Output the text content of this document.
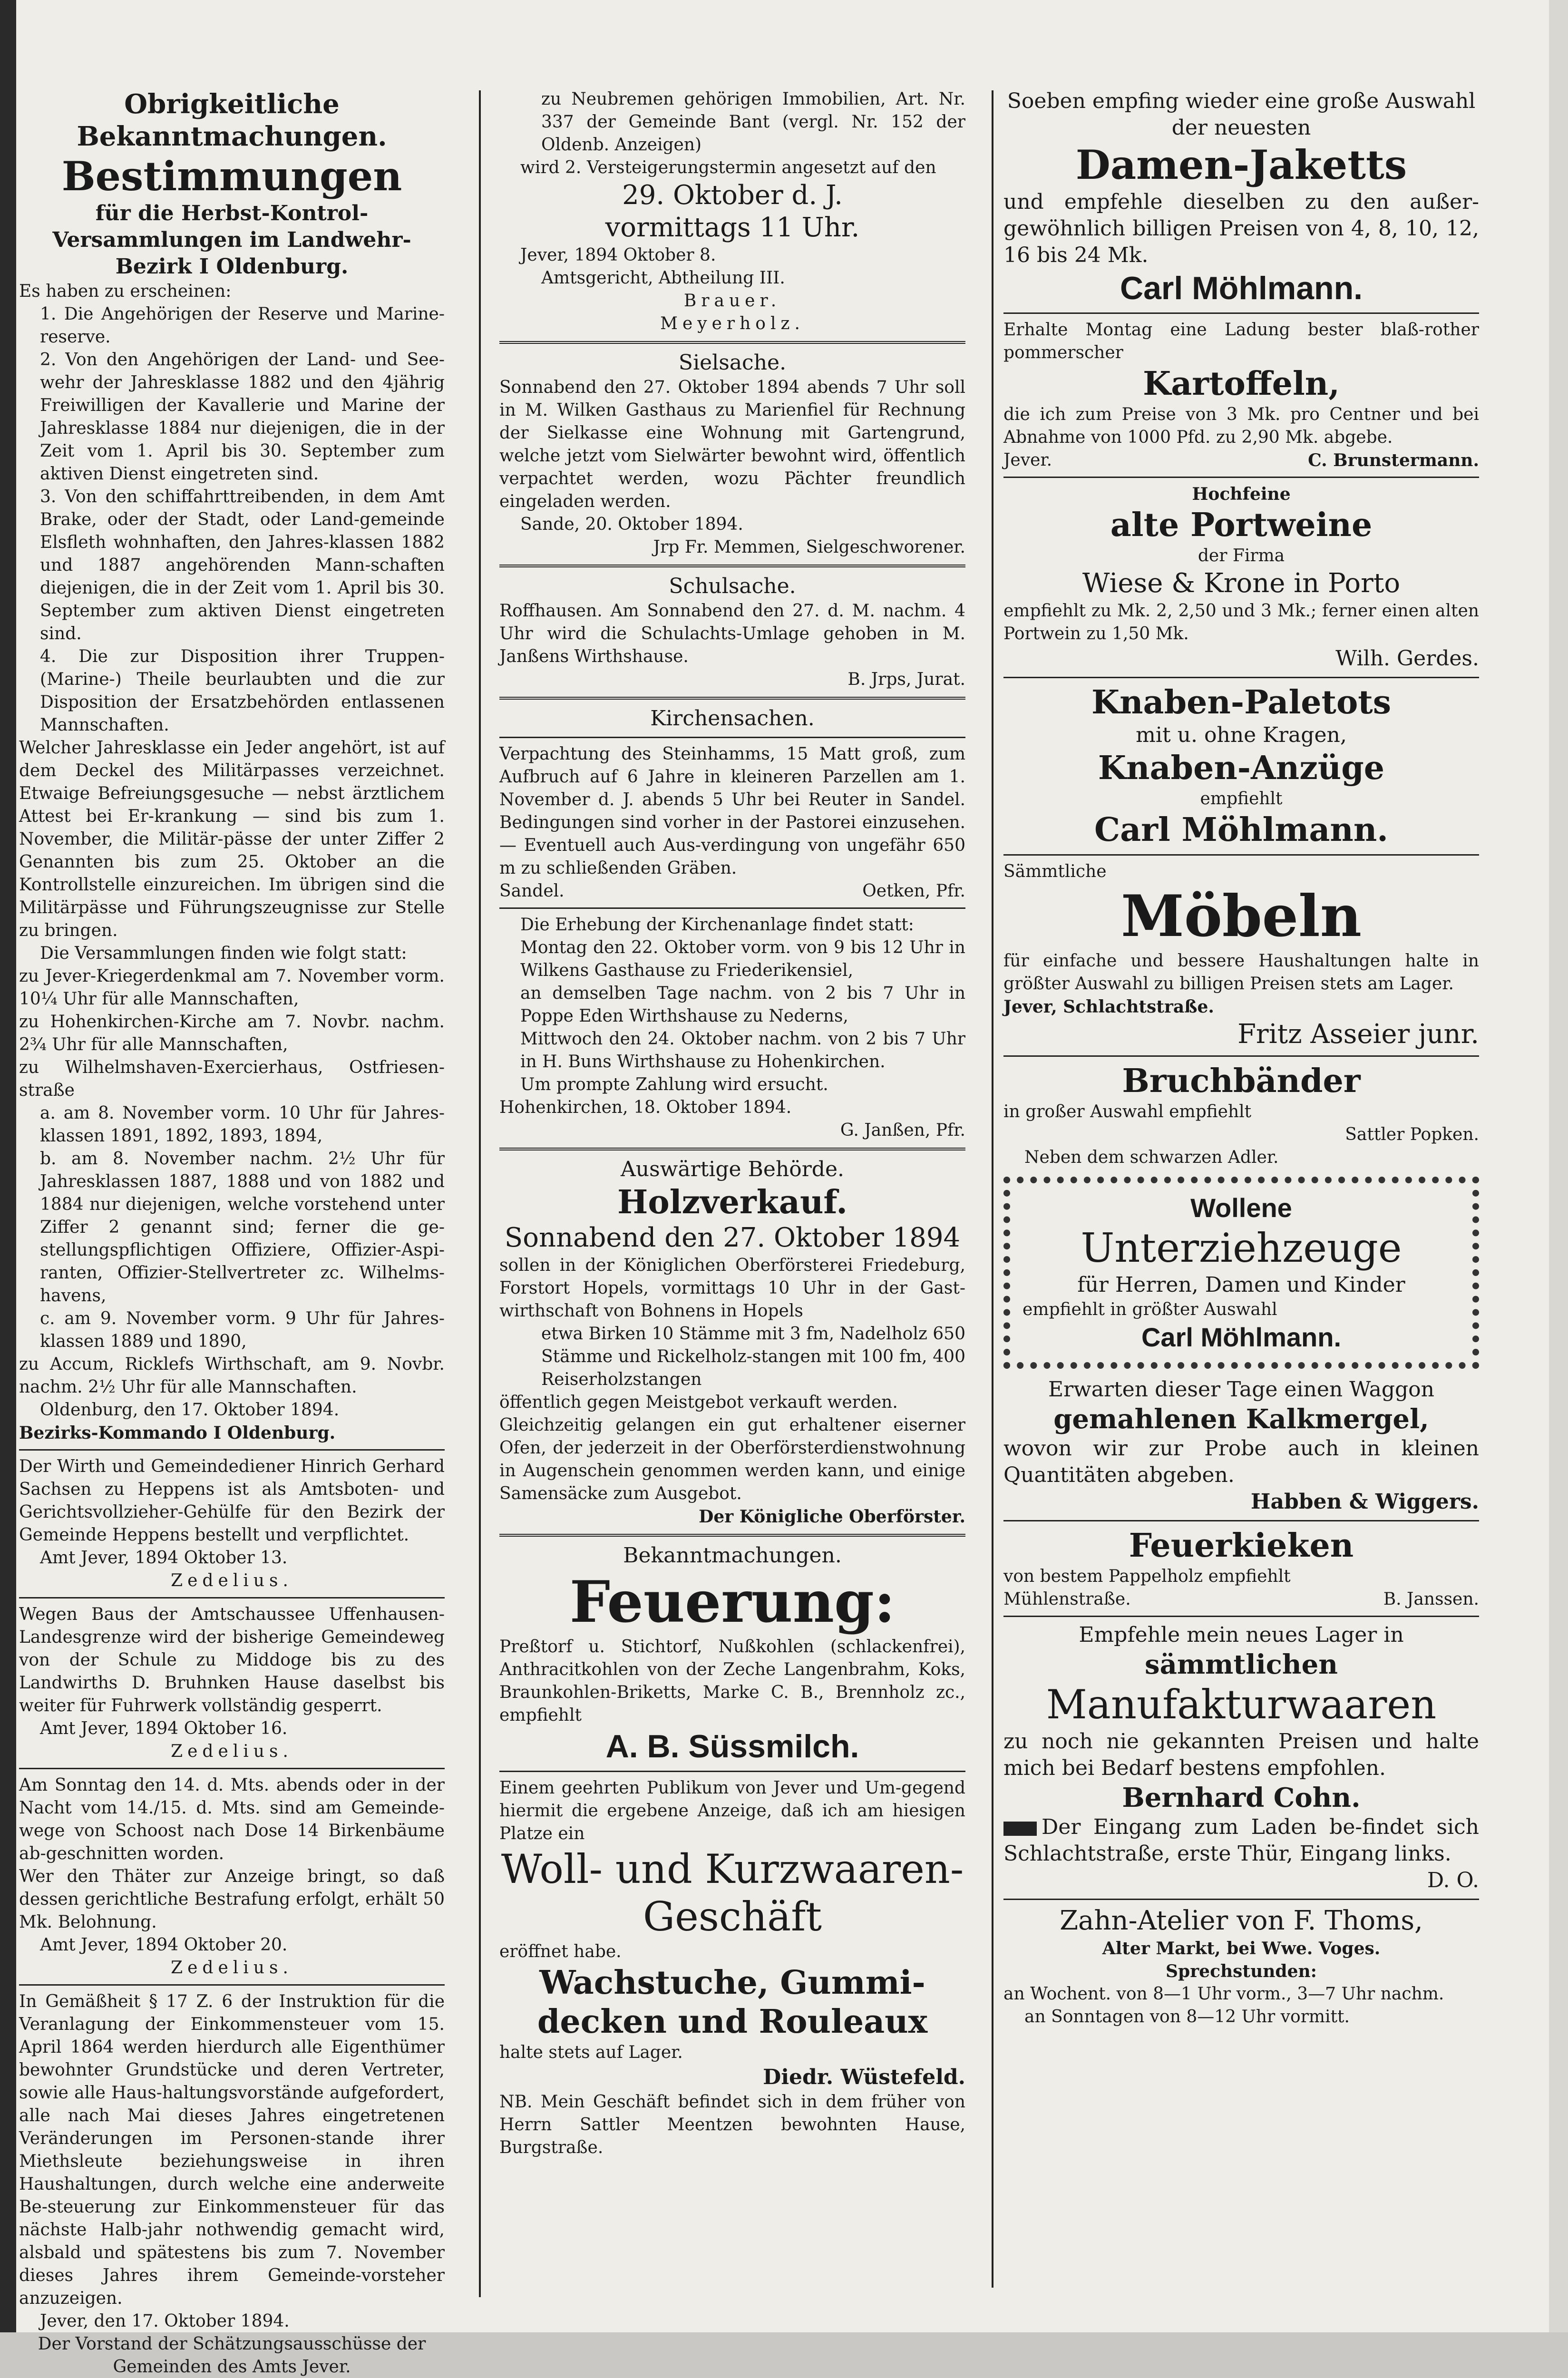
Obrigkeitliche Bekanntmachungen.

Bestimmungen

für die Herbst-Kontrol-Versammlungen im Landwehr-Bezirk I Oldenburg.

Es haben zu erscheinen:

1. Die Angehörigen der Reserve und Marine-reserve.

2. Von den Angehörigen der Land- und See-wehr der Jahresklasse 1882 und den 4jährig Freiwilligen der Kavallerie und Marine der Jahresklasse 1884 nur diejenigen, die in der Zeit vom 1. April bis 30. September zum aktiven Dienst eingetreten sind.

3. Von den schiffahrttreibenden, in dem Amt Brake, oder der Stadt, oder Land-gemeinde Elsfleth wohnhaften, den Jahres-klassen 1882 und 1887 angehörenden Mann-schaften diejenigen, die in der Zeit vom 1. April bis 30. September zum aktiven Dienst eingetreten sind.

4. Die zur Disposition ihrer Truppen- (Marine-) Theile beurlaubten und die zur Disposition der Ersatzbehörden entlassenen Mannschaften.

Welcher Jahresklasse ein Jeder angehört, ist auf dem Deckel des Militärpasses verzeichnet. Etwaige Befreiungsgesuche — nebst ärztlichem Attest bei Er-krankung — sind bis zum 1. November, die Militär-pässe der unter Ziffer 2 Genannten bis zum 25. Oktober an die Kontrollstelle einzureichen. Im übrigen sind die Militärpässe und Führungszeugnisse zur Stelle zu bringen.

Die Versammlungen finden wie folgt statt:

zu Jever-Kriegerdenkmal am 7. November vorm. 10¼ Uhr für alle Mannschaften,

zu Hohenkirchen-Kirche am 7. Novbr. nachm. 2¾ Uhr für alle Mannschaften,

zu Wilhelmshaven-Exercierhaus, Ostfriesen-straße

a. am 8. November vorm. 10 Uhr für Jahres-klassen 1891, 1892, 1893, 1894,

b. am 8. November nachm. 2½ Uhr für Jahresklassen 1887, 1888 und von 1882 und 1884 nur diejenigen, welche vorstehend unter Ziffer 2 genannt sind; ferner die ge-stellungspflichtigen Offiziere, Offizier-Aspi-ranten, Offizier-Stellvertreter zc. Wilhelms-havens,

c. am 9. November vorm. 9 Uhr für Jahres-klassen 1889 und 1890,

zu Accum, Ricklefs Wirthschaft, am 9. Novbr. nachm. 2½ Uhr für alle Mannschaften.

Oldenburg, den 17. Oktober 1894.

Bezirks-Kommando I Oldenburg.

Der Wirth und Gemeindediener Hinrich Gerhard Sachsen zu Heppens ist als Amtsboten- und Gerichtsvollzieher-Gehülfe für den Bezirk der Gemeinde Heppens bestellt und verpflichtet.

Amt Jever, 1894 Oktober 13.

Zedelius.

Wegen Baus der Amtschaussee Uffenhausen-Landesgrenze wird der bisherige Gemeindeweg von der Schule zu Middoge bis zu des Landwirths D. Bruhnken Hause daselbst bis weiter für Fuhrwerk vollständig gesperrt.

Amt Jever, 1894 Oktober 16.

Zedelius.

Am Sonntag den 14. d. Mts. abends oder in der Nacht vom 14./15. d. Mts. sind am Gemeinde-wege von Schoost nach Dose 14 Birkenbäume ab-geschnitten worden.

Wer den Thäter zur Anzeige bringt, so daß dessen gerichtliche Bestrafung erfolgt, erhält 50 Mk. Belohnung.

Amt Jever, 1894 Oktober 20.

Zedelius.

In Gemäßheit § 17 Z. 6 der Instruktion für die Veranlagung der Einkommensteuer vom 15. April 1864 werden hierdurch alle Eigenthümer bewohnter Grundstücke und deren Vertreter, sowie alle Haus-haltungsvorstände aufgefordert, alle nach Mai dieses Jahres eingetretenen Veränderungen im Personen-stande ihrer Miethsleute beziehungsweise in ihren Haushaltungen, durch welche eine anderweite Be-steuerung zur Einkommensteuer für das nächste Halb-jahr nothwendig gemacht wird, alsbald und spätestens bis zum 7. November dieses Jahres ihrem Gemeinde-vorsteher anzuzeigen.

Jever, den 17. Oktober 1894.

Der Vorstand der Schätzungsausschüsse der Gemeinden des Amts Jever.

zu Neubremen gehörigen Immobilien, Art. Nr. 337 der Gemeinde Bant (vergl. Nr. 152 der Oldenb. Anzeigen)

wird 2. Versteigerungstermin angesetzt auf den

29. Oktober d. J.

vormittags 11 Uhr.

Jever, 1894 Oktober 8.

Amtsgericht, Abtheilung III.

Brauer.

Meyerholz.

Sielsache.

Sonnabend den 27. Oktober 1894 abends 7 Uhr soll in M. Wilken Gasthaus zu Marienfiel für Rechnung der Sielkasse eine Wohnung mit Gartengrund, welche jetzt vom Sielwärter bewohnt wird, öffentlich verpachtet werden, wozu Pächter freundlich eingeladen werden.

Sande, 20. Oktober 1894.

Jrp Fr. Memmen, Sielgeschworener.

Schulsache.

Roffhausen. Am Sonnabend den 27. d. M. nachm. 4 Uhr wird die Schulachts-Umlage gehoben in M. Janßens Wirthshause.

B. Jrps, Jurat.

Kirchensachen.

Verpachtung des Steinhamms, 15 Matt groß, zum Aufbruch auf 6 Jahre in kleineren Parzellen am 1. November d. J. abends 5 Uhr bei Reuter in Sandel. Bedingungen sind vorher in der Pastorei einzusehen. — Eventuell auch Aus-verdingung von ungefähr 650 m zu schließenden Gräben.

Sandel.	Oetken, Pfr.

Die Erhebung der Kirchenanlage findet statt:

Montag den 22. Oktober vorm. von 9 bis 12 Uhr in Wilkens Gasthause zu Friederikensiel,

an demselben Tage nachm. von 2 bis 7 Uhr in Poppe Eden Wirthshause zu Nederns,

Mittwoch den 24. Oktober nachm. von 2 bis 7 Uhr in H. Buns Wirthshause zu Hohenkirchen.

Um prompte Zahlung wird ersucht.

Hohenkirchen, 18. Oktober 1894.

G. Janßen, Pfr.

Auswärtige Behörde.

Holzverkauf.

Sonnabend den 27. Oktober 1894

sollen in der Königlichen Oberförsterei Friedeburg, Forstort Hopels, vormittags 10 Uhr in der Gast-wirthschaft von Bohnens in Hopels

etwa Birken 10 Stämme mit 3 fm, Nadelholz 650 Stämme und Rickelholz-stangen mit 100 fm, 400 Reiserholzstangen

öffentlich gegen Meistgebot verkauft werden.

Gleichzeitig gelangen ein gut erhaltener eiserner Ofen, der jederzeit in der Oberförsterdienstwohnung in Augenschein genommen werden kann, und einige Samensäcke zum Ausgebot.

Der Königliche Oberförster.

Bekanntmachungen.

Feuerung:

Preßtorf u. Stichtorf, Nußkohlen (schlackenfrei), Anthracitkohlen von der Zeche Langenbrahm, Koks, Braunkohlen-Briketts, Marke C. B., Brennholz zc., empfiehlt

A. B. Süssmilch.

Einem geehrten Publikum von Jever und Um-gegend hiermit die ergebene Anzeige, daß ich am hiesigen Platze ein

Woll- und Kurzwaaren-Geschäft

eröffnet habe.

Wachstuche, Gummi-decken und Rouleaux

halte stets auf Lager.

Diedr. Wüstefeld.

NB. Mein Geschäft befindet sich in dem früher von Herrn Sattler Meentzen bewohnten Hause, Burgstraße.

Soeben empfing wieder eine große Auswahl der neuesten

Damen-Jaketts

und empfehle dieselben zu den außer-gewöhnlich billigen Preisen von 4, 8, 10, 12, 16 bis 24 Mk.

Carl Möhlmann.

Erhalte Montag eine Ladung bester blaß-rother pommerscher

Kartoffeln,

die ich zum Preise von 3 Mk. pro Centner und bei Abnahme von 1000 Pfd. zu 2,90 Mk. abgebe.

Jever.	C. Brunstermann.

Hochfeine

alte Portweine

der Firma

Wiese & Krone in Porto

empfiehlt zu Mk. 2, 2,50 und 3 Mk.; ferner einen alten Portwein zu 1,50 Mk.

Wilh. Gerdes.

Knaben-Paletots

mit u. ohne Kragen,

Knaben-Anzüge

empfiehlt

Carl Möhlmann.

Sämmtliche

Möbeln

für einfache und bessere Haushaltungen halte in größter Auswahl zu billigen Preisen stets am Lager.

Jever, Schlachtstraße.

Fritz Asseier junr.

Bruchbänder

in großer Auswahl empfiehlt

Sattler Popken.

Neben dem schwarzen Adler.

Wollene

Unterziehzeuge

für Herren, Damen und Kinder

empfiehlt in größter Auswahl

Carl Möhlmann.

Erwarten dieser Tage einen Waggon

gemahlenen Kalkmergel,

wovon wir zur Probe auch in kleinen Quantitäten abgeben.

Habben & Wiggers.

Feuerkieken

von bestem Pappelholz empfiehlt

Mühlenstraße.	B. Janssen.

Empfehle mein neues Lager in

sämmtlichen

Manufakturwaaren

zu noch nie gekannten Preisen und halte mich bei Bedarf bestens empfohlen.

Bernhard Cohn.

Der Eingang zum Laden be-findet sich Schlachtstraße, erste Thür, Eingang links.

D. O.

Zahn-Atelier von F. Thoms,

Alter Markt, bei Wwe. Voges.

Sprechstunden:

an Wochent. von 8—1 Uhr vorm., 3—7 Uhr nachm.

an Sonntagen von 8—12 Uhr vormitt.
